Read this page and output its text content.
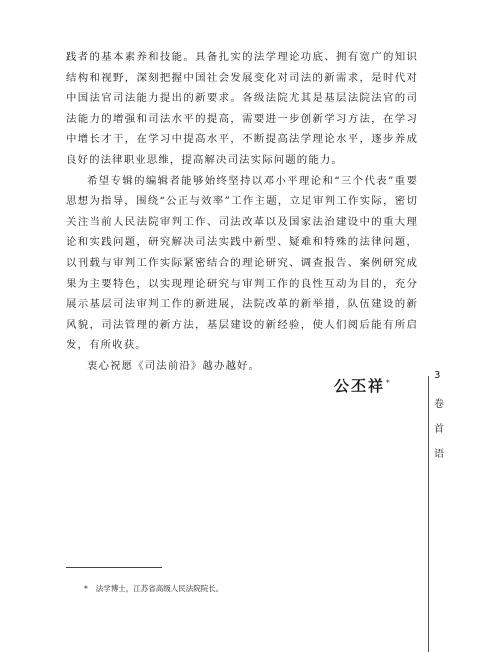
践者的基本素养和技能。具备扎实的法学理论功底、拥有宽广的知识结构和视野，深刻把握中国社会发展变化对司法的新需求，是时代对中国法官司法能力提出的新要求。各级法院尤其是基层法院法官的司法能力的增强和司法水平的提高，需要进一步创新学习方法，在学习中增长才干，在学习中提高水平，不断提高法学理论水平，逐步养成良好的法律职业思维，提高解决司法实际问题的能力。

希望专辑的编辑者能够始终坚持以邓小平理论和“三个代表”重要思想为指导，围绕“公正与效率”工作主题，立足审判工作实际，密切关注当前人民法院审判工作、司法改革以及国家法治建设中的重大理论和实践问题，研究解决司法实践中新型、疑难和特殊的法律问题，以刊载与审判工作实际紧密结合的理论研究、调查报告、案例研究成果为主要特色，以实现理论研究与审判工作的良性互动为目的，充分展示基层司法审判工作的新进展，法院改革的新举措，队伍建设的新风貌，司法管理的新方法，基层建设的新经验，使人们阅后能有所启发，有所收获。

衷心祝愿《司法前沿》越办越好。

公丕祥*
3
卷
首
语
* 法学博士，江苏省高级人民法院院长。
